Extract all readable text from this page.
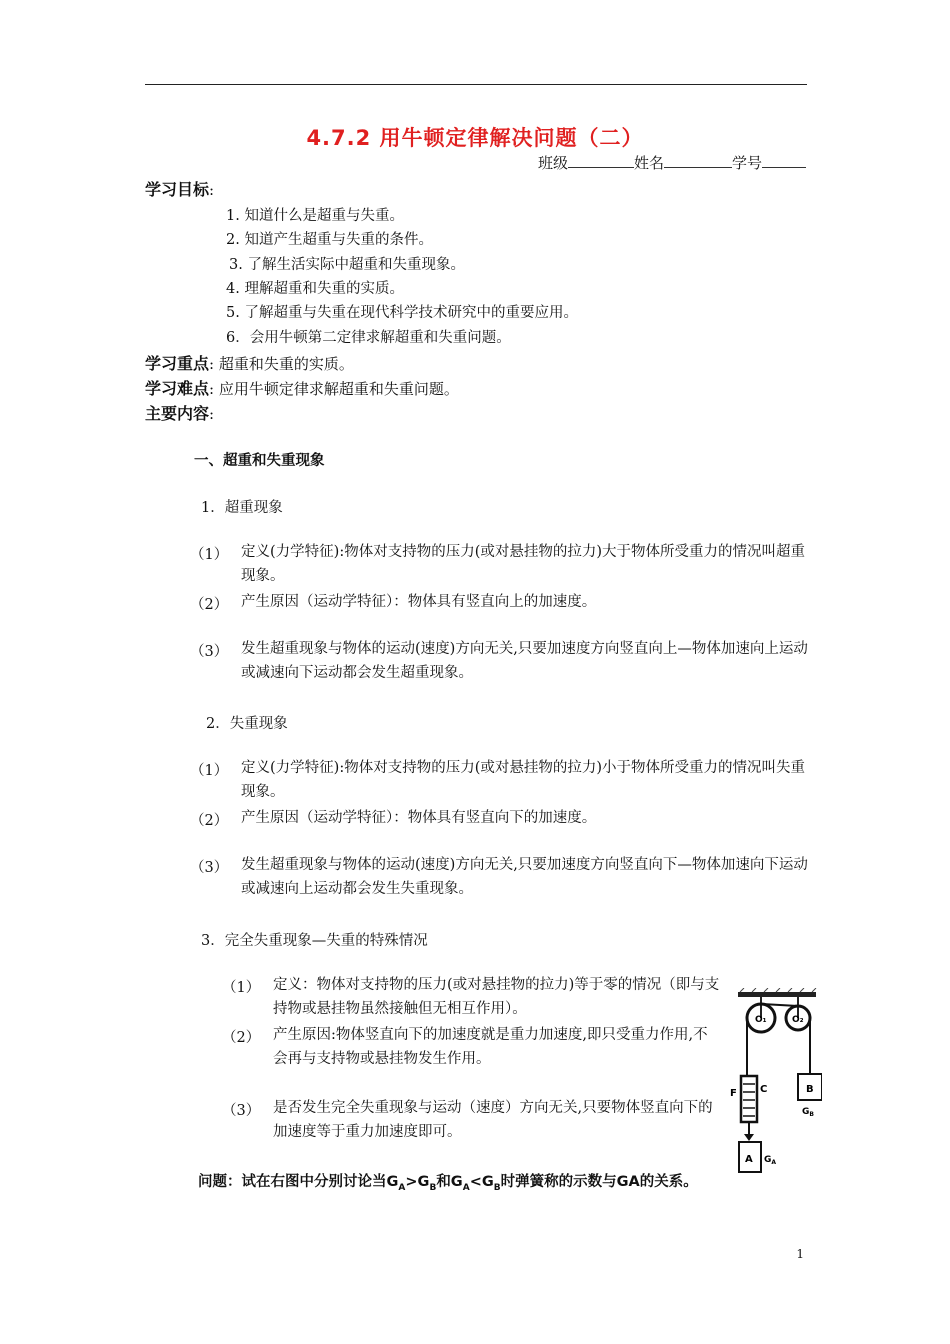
4.7.2 用牛顿定律解决问题（二）
班级	姓名	学号
学习目标:
1. 知道什么是超重与失重。
2. 知道产生超重与失重的条件。
3. 了解生活实际中超重和失重现象。
4. 理解超重和失重的实质。
5. 了解超重与失重在现代科学技术研究中的重要应用。
6．会用牛顿第二定律求解超重和失重问题。
学习重点: 超重和失重的实质。
学习难点: 应用牛顿定律求解超重和失重问题。
主要内容:
一、超重和失重现象
1．超重现象
（1） 定义(力学特征):物体对支持物的压力(或对悬挂物的拉力)大于物体所受重力的情况叫超重现象。
（2） 产生原因（运动学特征）：物体具有竖直向上的加速度。
（3） 发生超重现象与物体的运动(速度)方向无关,只要加速度方向竖直向上—物体加速向上运动或减速向下运动都会发生超重现象。
2．失重现象
（1） 定义(力学特征):物体对支持物的压力(或对悬挂物的拉力)小于物体所受重力的情况叫失重现象。
（2） 产生原因（运动学特征）：物体具有竖直向下的加速度。
（3） 发生超重现象与物体的运动(速度)方向无关,只要加速度方向竖直向下—物体加速向下运动或减速向上运动都会发生失重现象。
3．完全失重现象—失重的特殊情况
（1） 定义：物体对支持物的压力(或对悬挂物的拉力)等于零的情况（即与支持物或悬挂物虽然接触但无相互作用）。
（2） 产生原因:物体竖直向下的加速度就是重力加速度,即只受重力作用,不会再与支持物或悬挂物发生作用。
（3） 是否发生完全失重现象与运动（速度）方向无关,只要物体竖直向下的加速度等于重力加速度即可。
O₁	O₂
F C	B
$G_B$
A $G_A$
问题：试在右图中分别讨论当$G_A>G_B$和$G_A<G_B$时弹簧称的示数与GA的关系。
1
